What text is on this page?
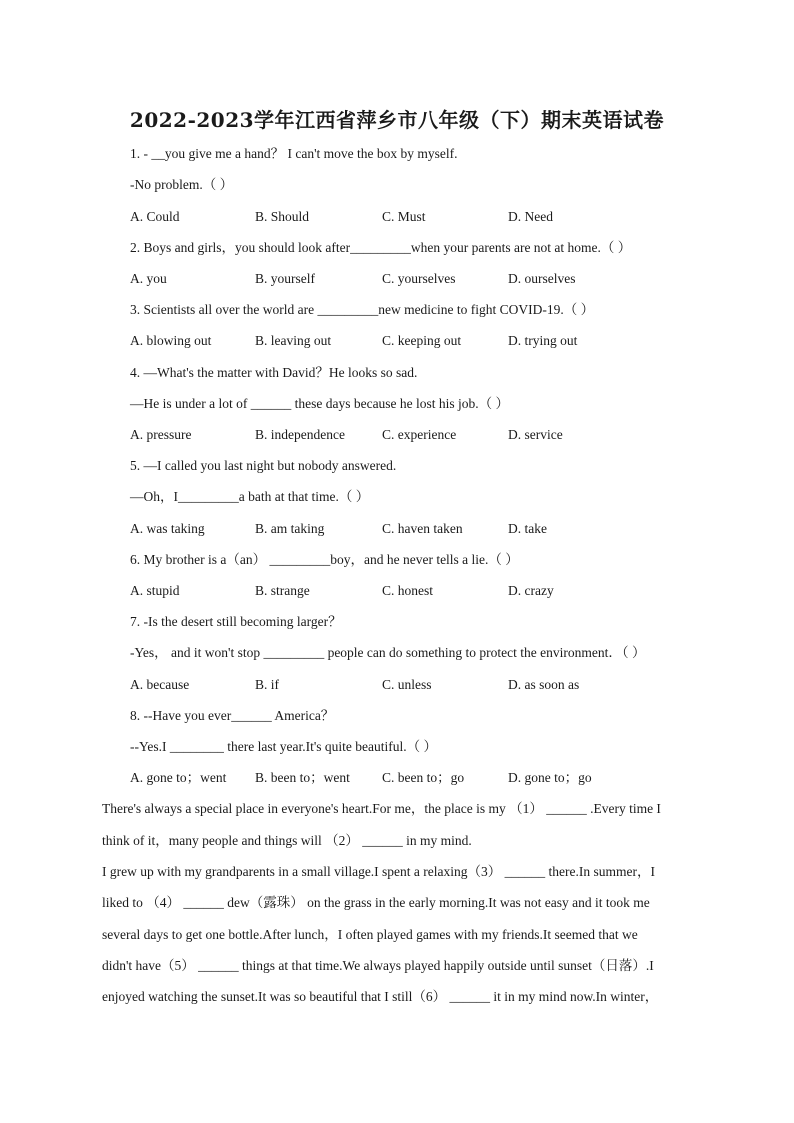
2022-2023学年江西省萍乡市八年级（下）期末英语试卷
1. - __you give me a hand？ I can't move the box by myself.
-No problem.（ ）
A. Could	B. Should	C. Must	D. Need
2. Boys and girls，you should look after_________when your parents are not at home.（ ）
A. you	B. yourself	C. yourselves	D. ourselves
3. Scientists all over the world are _________new medicine to fight COVID-19.（ ）
A. blowing out	B. leaving out	C. keeping out	D. trying out
4. —What's the matter with David？He looks so sad.
—He is under a lot of ______ these days because he lost his job.（ ）
A. pressure	B. independence	C. experience	D. service
5. —I called you last night but nobody answered.
—Oh，I_________a bath at that time.（ ）
A. was taking	B. am taking	C. haven taken	D. take
6. My brother is a（an） _________boy，and he never tells a lie.（ ）
A. stupid	B. strange	C. honest	D. crazy
7. -Is the desert still becoming larger？
-Yes， and it won't stop _________ people can do something to protect the environment．（ ）
A. because	B. if	C. unless	D. as soon as
8. --Have you ever______ America？
--Yes.I ________ there last year.It's quite beautiful.（ ）
A. gone to；went B. been to；went C. been to；go	D. gone to；go
There's always a special place in everyone's heart.For me，the place is my （1） ______ .Every time I
think of it，many people and things will （2） ______ in my mind.
I grew up with my grandparents in a small village.I spent a relaxing（3） ______ there.In summer，I
liked to （4） ______ dew（露珠） on the grass in the early morning.It was not easy and it took me
several days to get one bottle.After lunch，I often played games with my friends.It seemed that we
didn't have（5） ______ things at that time.We always played happily outside until sunset（日落）.I
enjoyed watching the sunset.It was so beautiful that I still（6） ______ it in my mind now.In winter，
